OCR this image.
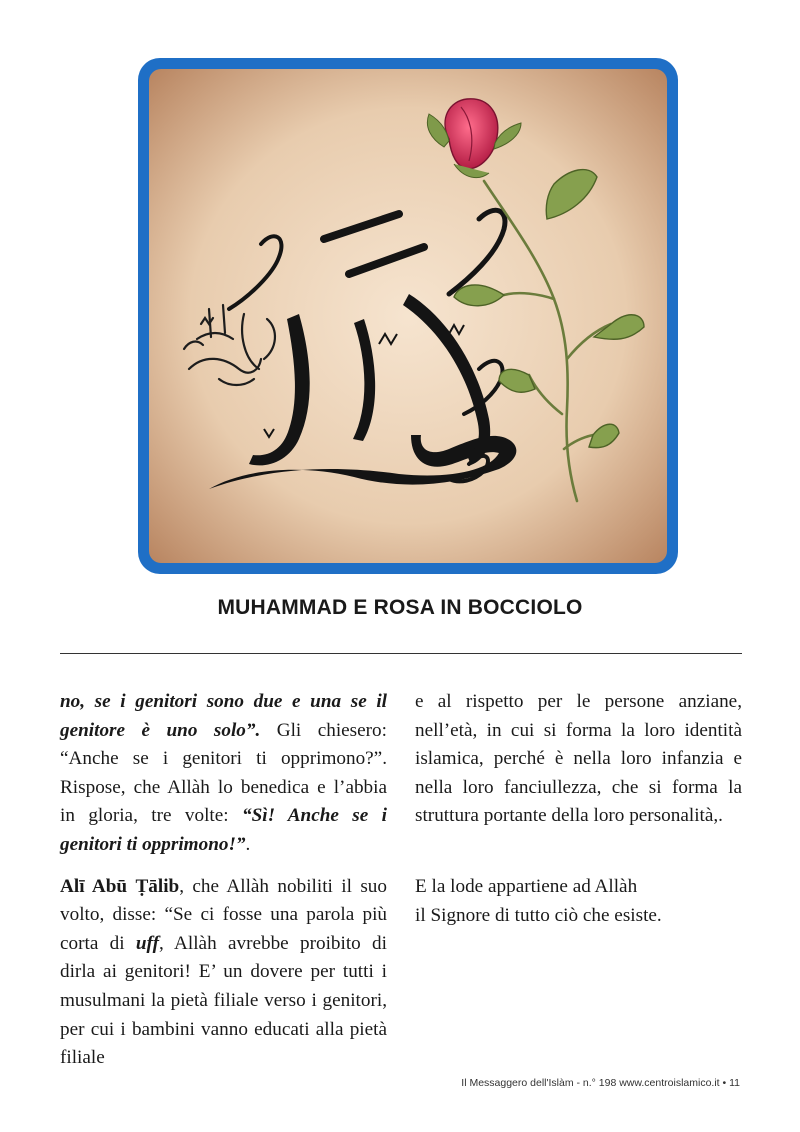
MUHAMMAD E ROSA IN BOCCIOLO

no, se i genitori sono due e una se il genitore è uno solo”. Gli chiesero: “Anche se i genitori ti opprimono?”. Rispose, che Allàh lo benedica e l’abbia in gloria, tre volte: “Sì! Anche se i genitori ti opprimono!”.

Alī Abū Ṭālib, che Allàh nobiliti il suo volto, disse: “Se ci fosse una parola più corta di uff, Allàh avrebbe proibito di dirla ai genitori! E’ un dovere per tutti i musulmani la pietà filiale verso i genitori, per cui i bambini vanno educati alla pietà filiale

e al rispetto per le persone anziane, nell’età, in cui si forma la loro identità islamica, perché è nella loro infanzia e nella loro fanciullezza, che si forma la struttura portante della loro personalità,.

E la lode appartiene ad Allàh
il Signore di tutto ciò che esiste.

Il Messaggero dell'Islàm - n.° 198 www.centroislamico.it • 11
